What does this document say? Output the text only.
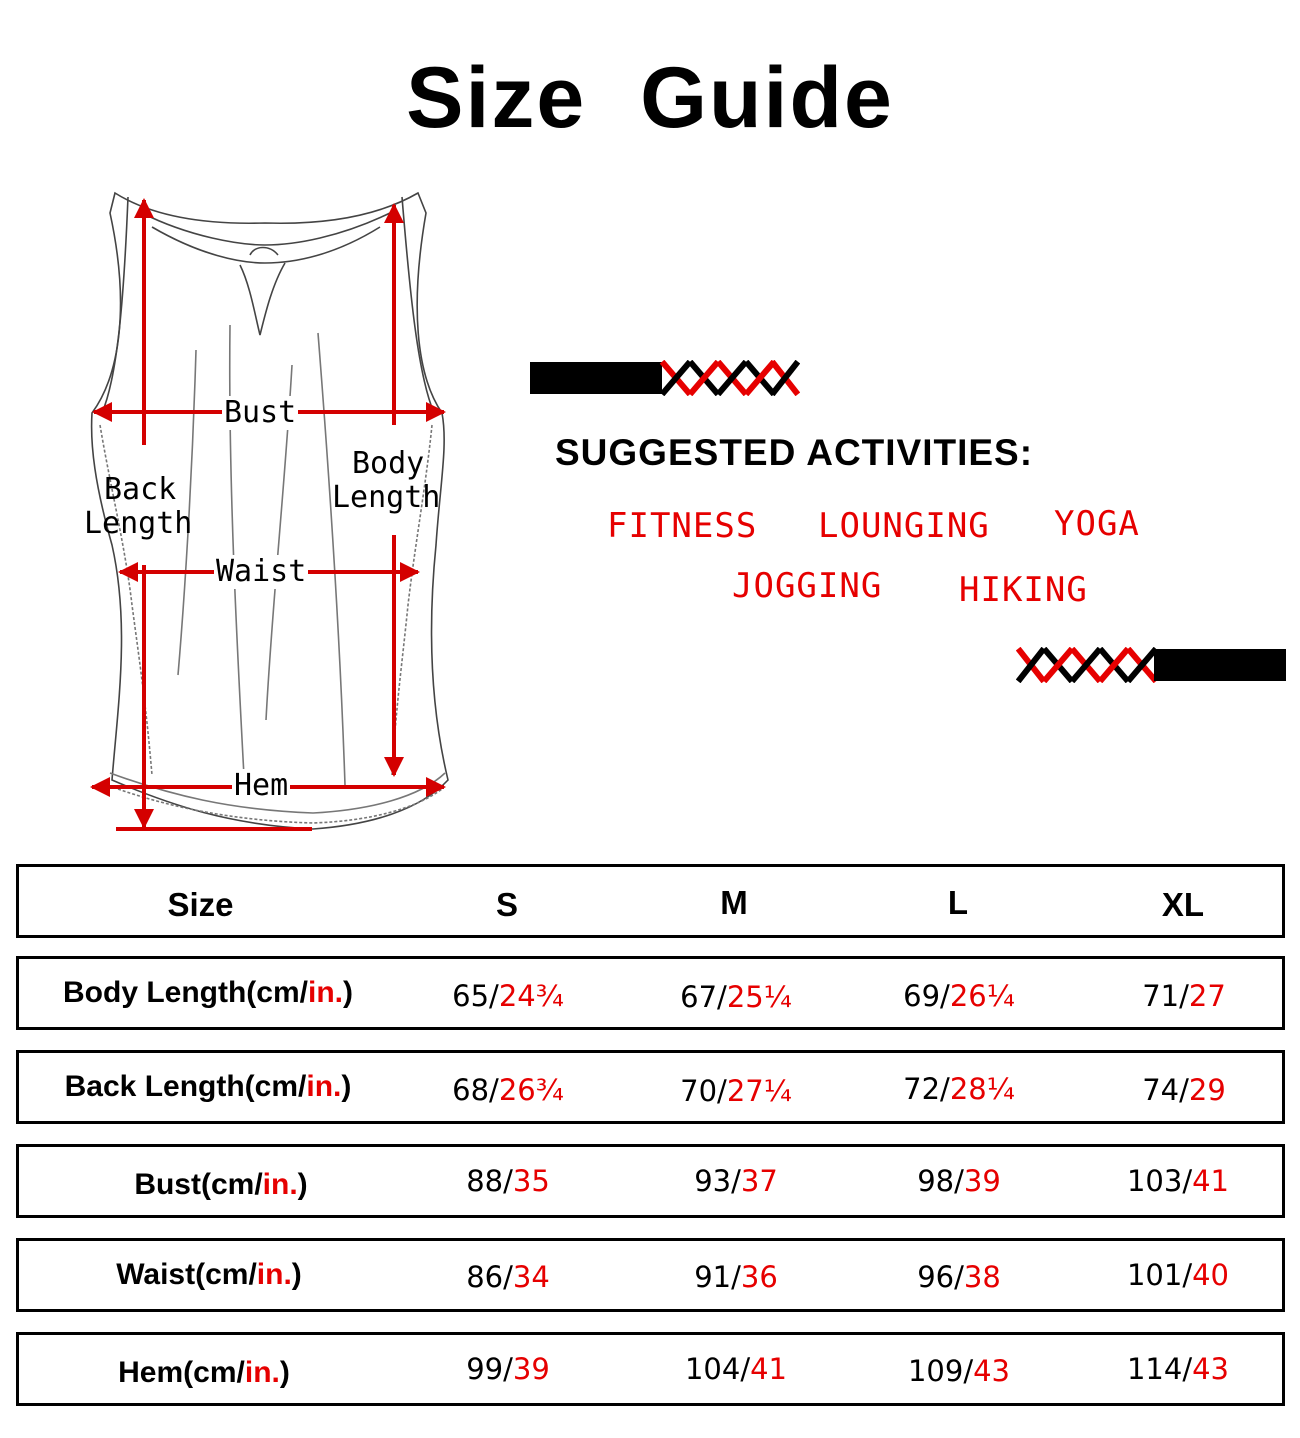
Size Guide
Bust
Body
Length
Back
Length
Waist
Hem
SUGGESTED ACTIVITIES:
FITNESS LOUNGING YOGA
JOGGING HIKING
Size	S	M	L	XL
Body Length(cm/in.)	65/24¾	67/25¼	69/26¼	71/27
Back Length(cm/in.)	68/26¾	70/27¼	72/28¼	74/29
Bust(cm/in.)	88/35	93/37	98/39	103/41
Waist(cm/in.)	86/34	91/36	96/38	101/40
Hem(cm/in.)	99/39	104/41	109/43	114/43
